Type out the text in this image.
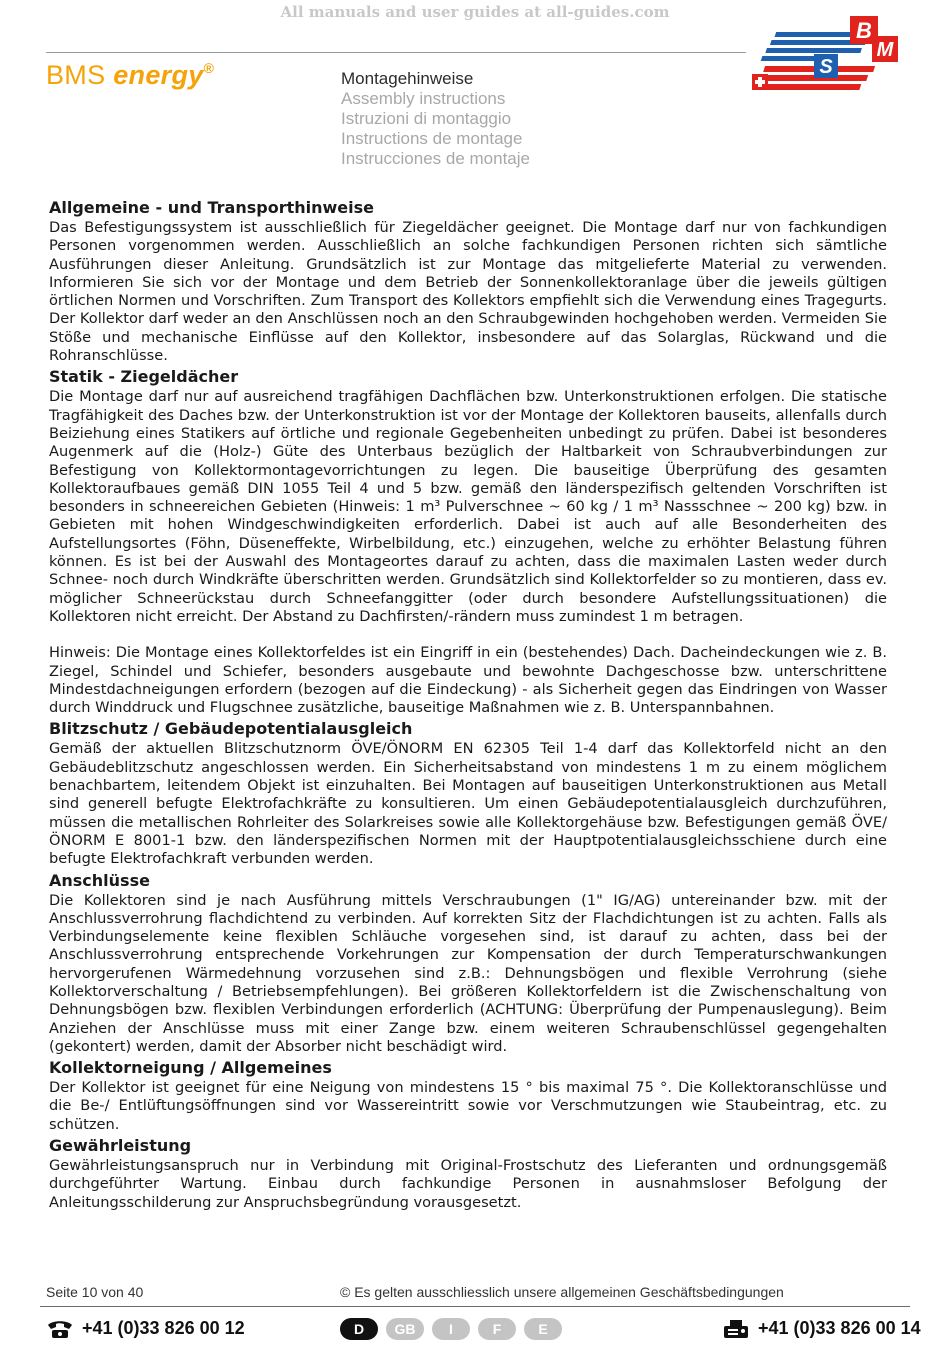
All manuals and user guides at all-guides.com
BMS energy®
Montagehinweise
Assembly instructions
Istruzioni di montaggio
Instructions de montage
Instrucciones de montaje
B
M
S
Allgemeine - und Transporthinweise

Das Befestigungssystem ist ausschließlich für Ziegeldächer geeignet. Die Montage darf nur von fachkundigen Personen vorgenommen werden. Ausschließlich an solche fachkundigen Personen richten sich sämtliche Ausführungen dieser Anleitung. Grundsätzlich ist zur Montage das mitgelieferte Material zu verwenden. Informieren Sie sich vor der Montage und dem Betrieb der Sonnenkollektoranlage über die jeweils gültigen örtlichen Normen und Vorschriften. Zum Transport des Kollektors empfiehlt sich die Verwendung eines Tragegurts. Der Kollektor darf weder an den Anschlüssen noch an den Schraubgewinden hochgehoben werden. Vermeiden Sie Stöße und mechanische Einflüsse auf den Kollektor, insbesondere auf das Solarglas, Rückwand und die Rohranschlüsse.

Statik - Ziegeldächer

Die Montage darf nur auf ausreichend tragfähigen Dachflächen bzw. Unterkonstruktionen erfolgen. Die statische Tragfähigkeit des Daches bzw. der Unterkonstruktion ist vor der Montage der Kollektoren bauseits, allenfalls durch Beiziehung eines Statikers auf örtliche und regionale Gegebenheiten unbedingt zu prüfen. Dabei ist besonderes Augenmerk auf die (Holz-) Güte des Unterbaus bezüglich der Haltbarkeit von Schraubverbindungen zur Befestigung von Kollektormontagevorrichtungen zu legen. Die bauseitige Überprüfung des gesamten Kollektoraufbaues gemäß DIN 1055 Teil 4 und 5 bzw. gemäß den länderspezifisch geltenden Vorschriften ist besonders in schneereichen Gebieten (Hinweis: 1 m³ Pulverschnee ~ 60 kg / 1 m³ Nassschnee ~ 200 kg) bzw. in Gebieten mit hohen Windgeschwindigkeiten erforderlich. Dabei ist auch auf alle Besonderheiten des Aufstellungsortes (Föhn, Düseneffekte, Wirbelbildung, etc.) einzugehen, welche zu erhöhter Belastung führen können. Es ist bei der Auswahl des Montageortes darauf zu achten, dass die maximalen Lasten weder durch Schnee- noch durch Windkräfte überschritten werden. Grundsätzlich sind Kollektorfelder so zu montieren, dass ev. möglicher Schneerückstau durch Schneefanggitter (oder durch besondere Aufstellungssituationen) die Kollektoren nicht erreicht. Der Abstand zu Dachfirsten/-rändern muss zumindest 1 m betragen.

Hinweis: Die Montage eines Kollektorfeldes ist ein Eingriff in ein (bestehendes) Dach. Dacheindeckungen wie z. B. Ziegel, Schindel und Schiefer, besonders ausgebaute und bewohnte Dachgeschosse bzw. unterschrittene Mindestdachneigungen erfordern (bezogen auf die Eindeckung) - als Sicherheit gegen das Eindringen von Wasser durch Winddruck und Flugschnee zusätzliche, bauseitige Maßnahmen wie z. B. Unterspannbahnen.

Blitzschutz / Gebäudepotentialausgleich

Gemäß der aktuellen Blitzschutznorm ÖVE/ÖNORM EN 62305 Teil 1-4 darf das Kollektorfeld nicht an den Gebäudeblitzschutz angeschlossen werden. Ein Sicherheitsabstand von mindestens 1 m zu einem möglichem benachbartem, leitendem Objekt ist einzuhalten. Bei Montagen auf bauseitigen Unterkonstruktionen aus Metall sind generell befugte Elektrofachkräfte zu konsultieren. Um einen Gebäudepotentialausgleich durchzuführen, müssen die metallischen Rohrleiter des Solarkreises sowie alle Kollektorgehäuse bzw. Befestigungen gemäß ÖVE/ÖNORM E 8001-1 bzw. den länderspezifischen Normen mit der Hauptpotentialausgleichsschiene durch eine befugte Elektrofachkraft verbunden werden.

Anschlüsse

Die Kollektoren sind je nach Ausführung mittels Verschraubungen (1" IG/AG) untereinander bzw. mit der Anschlussverrohrung flachdichtend zu verbinden. Auf korrekten Sitz der Flachdichtungen ist zu achten. Falls als Verbindungselemente keine flexiblen Schläuche vorgesehen sind, ist darauf zu achten, dass bei der Anschlussverrohrung entsprechende Vorkehrungen zur Kompensation der durch Temperaturschwankungen hervorgerufenen Wärmedehnung vorzusehen sind z.B.: Dehnungsbögen und flexible Verrohrung (siehe Kollektorverschaltung / Betriebsempfehlungen). Bei größeren Kollektorfeldern ist die Zwischenschaltung von Dehnungsbögen bzw. flexiblen Verbindungen erforderlich (ACHTUNG: Überprüfung der Pumpenauslegung). Beim Anziehen der Anschlüsse muss mit einer Zange bzw. einem weiteren Schraubenschlüssel gegengehalten (gekontert) werden, damit der Absorber nicht beschädigt wird.

Kollektorneigung / Allgemeines

Der Kollektor ist geeignet für eine Neigung von mindestens 15 ° bis maximal 75 °. Die Kollektoranschlüsse und die Be-/ Entlüftungsöffnungen sind vor Wassereintritt sowie vor Verschmutzungen wie Staubeintrag, etc. zu schützen.

Gewährleistung

Gewährleistungsanspruch nur in Verbindung mit Original-Frostschutz des Lieferanten und ordnungsgemäß durchgeführter Wartung. Einbau durch fachkundige Personen in ausnahmsloser Befolgung der Anleitungsschilderung zur Anspruchsbegründung vorausgesetzt.

Seite 10 von 40	© Es gelten ausschliesslich unsere allgemeinen Geschäftsbedingungen
+41 (0)33 826 00 12	D	GB	I	F	E	+41 (0)33 826 00 14
